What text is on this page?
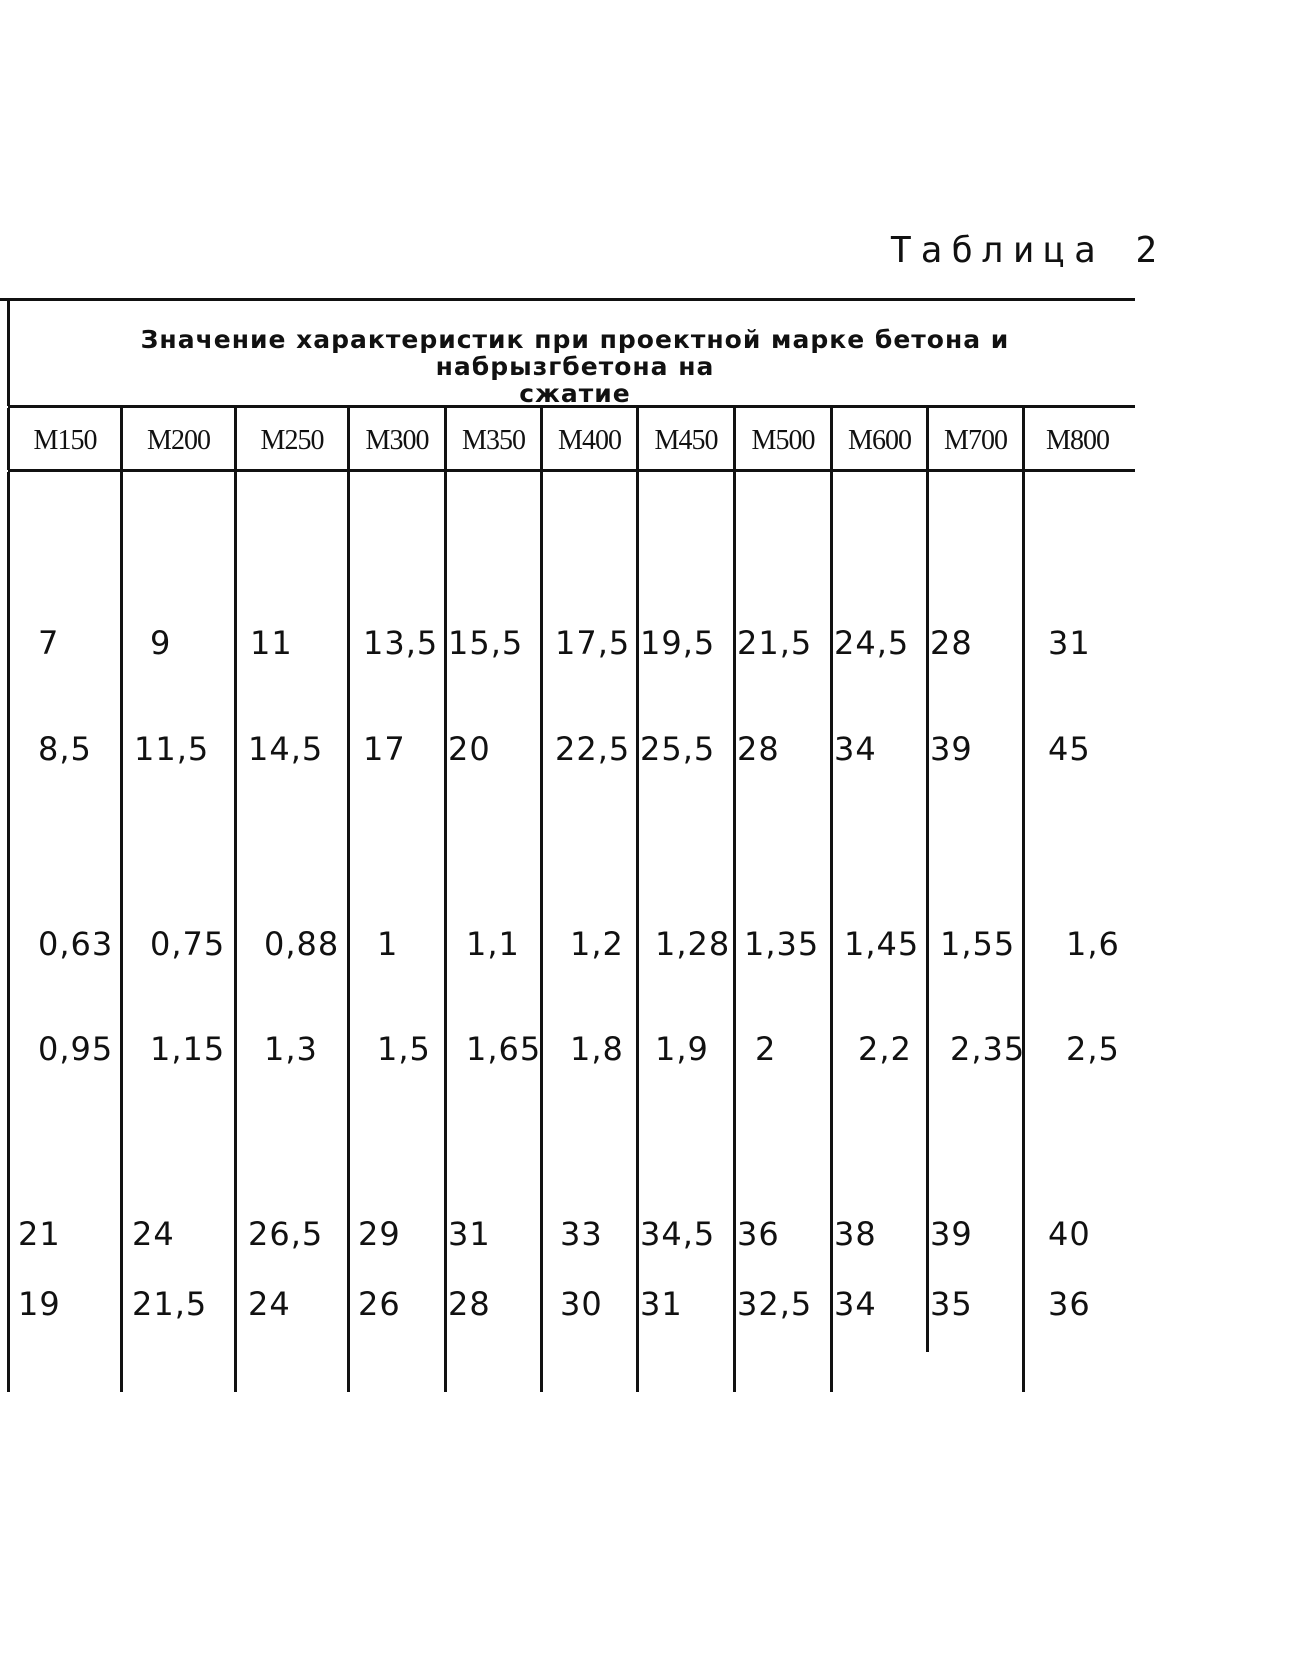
Таблица 2
Значение характеристик при проектной марке бетона и набрызгбетона на
сжатие
M150	M200	M250	M300	M350	M400	M450	M500	M600	M700	M800
7	9 11 13,5 15,5 17,5 19,5 21,5 24,5 28 31
8,5 11,5 14,5 17 20 22,5 25,5 28 34 39 45
0,63 0,75 0,88 1 1,1 1,2 1,28 1,35 1,45 1,55 1,6
0,95 1,15 1,3 1,5 1,65 1,8 1,9 2	2,2 2,35 2,5
21 24 26,5 29 31 33 34,5 36 38 39 40
19 21,5 24 26 28 30 31 32,5 34 35 36
